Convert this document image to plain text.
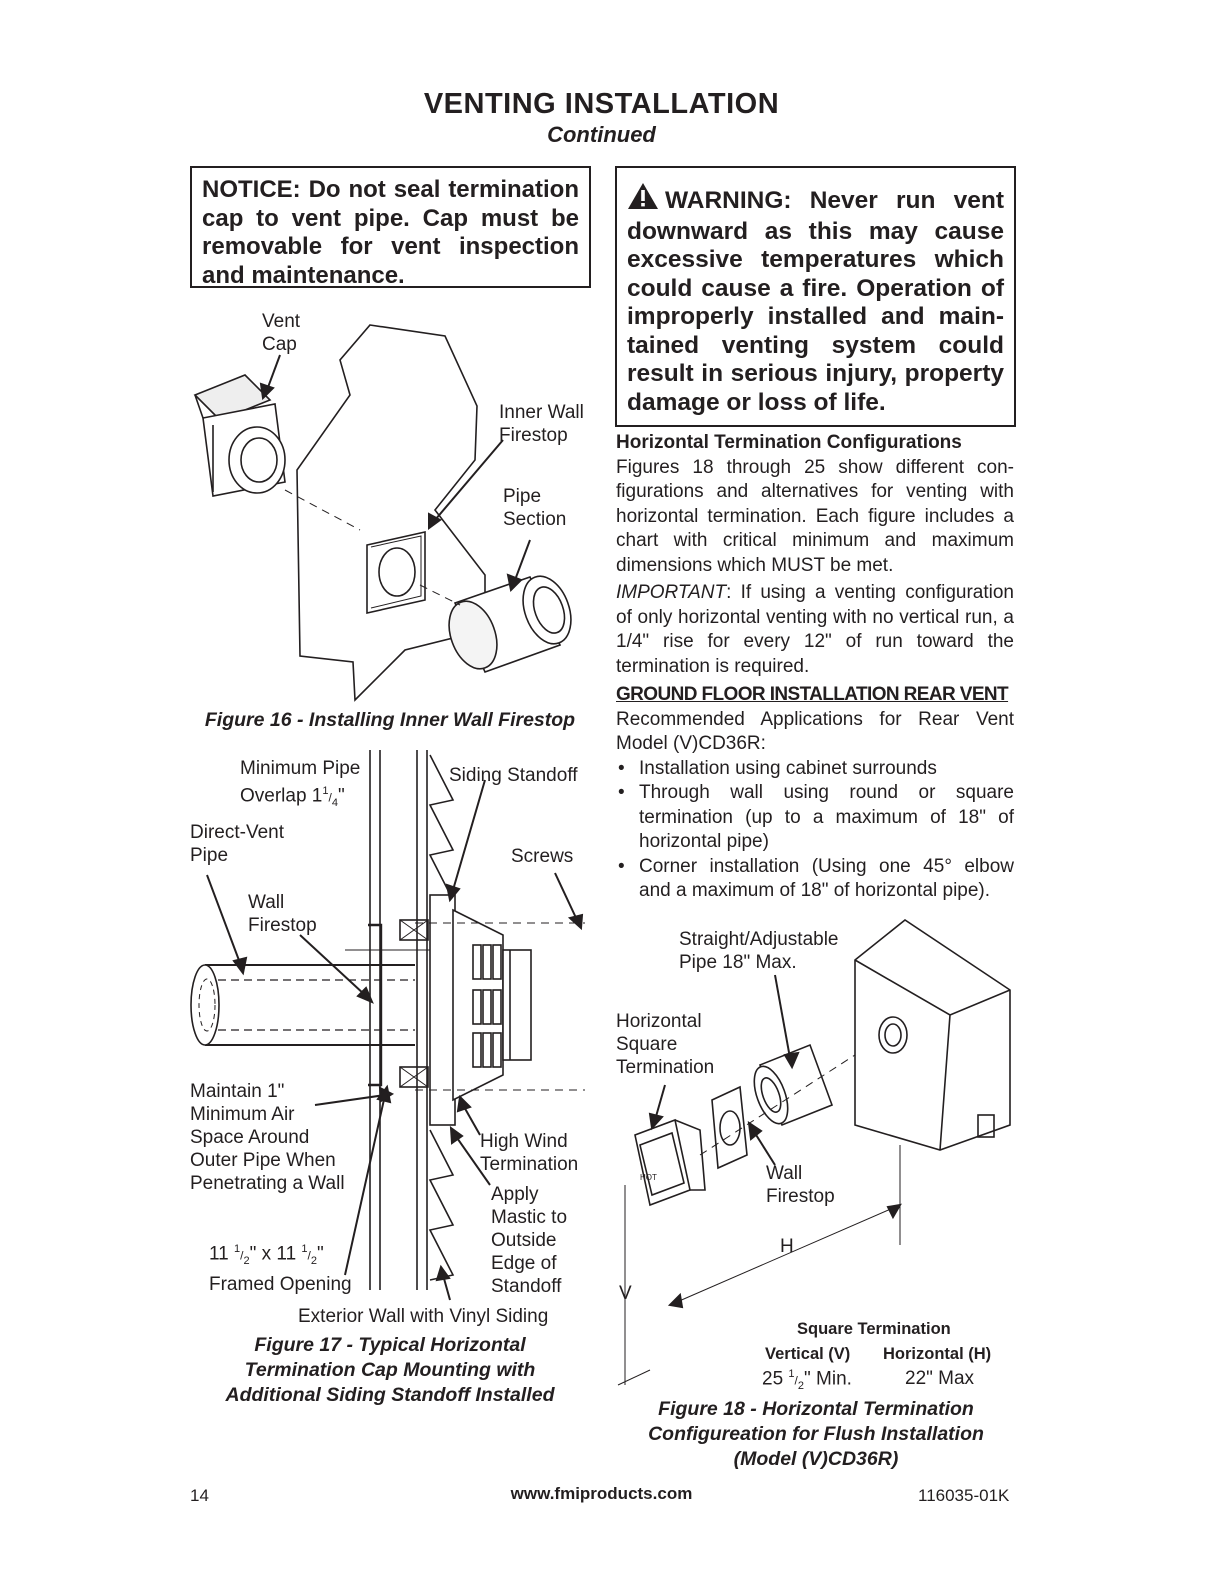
VENTING INSTALLATION
Continued
NOTICE: Do not seal termination cap to vent pipe. Cap must be removable for vent inspection and maintenance.
WARNING: Never run vent downward as this may cause excessive temperatures which could cause a fire. Operation of improperly installed and main-tained venting system could result in serious injury, property damage or loss of life.

Horizontal Termination Configurations

Figures 18 through 25 show different con-figurations and alternatives for venting with horizontal termination. Each figure includes a chart with critical minimum and maximum dimensions which MUST be met.

IMPORTANT: If using a venting configuration of only horizontal venting with no vertical run, a 1/4" rise for every 12" of run toward the termination is required.

GROUND FLOOR INSTALLATION REAR VENT

Recommended Applications for Rear Vent Model (V)CD36R:

• Installation using cabinet surrounds
• Through wall using round or square termination (up to a maximum of 18" of horizontal pipe)
• Corner installation (Using one 45° elbow and a maximum of 18" of horizontal pipe).
Vent
Cap
Inner Wall
Firestop
Pipe
Section
Figure 16 - Installing Inner Wall Firestop
Minimum Pipe
Overlap $1^1/_4$"
Siding Standoff
Direct-Vent
Pipe	Screws
Wall
Firestop
Maintain 1"
Minimum Air
Space Around
Outer Pipe When
Penetrating a Wall
High Wind
Termination
Apply
Mastic to
Outside
Edge of
Standoff
11 $^1/_2$" x 11 $^1/_2$"
Framed Opening
Exterior Wall with Vinyl Siding
Figure 17 - Typical Horizontal
Termination Cap Mounting with
Additional Siding Standoff Installed
HOT
Straight/Adjustable
Pipe 18" Max.
Horizontal
Square
Termination
Wall
Firestop
H
V
Square Termination
Vertical (V) Horizontal (H)
25 $^1/_2$" Min.	22" Max
Figure 18 - Horizontal Termination
Configureation for Flush Installation
(Model (V)CD36R)
14	www.fmiproducts.com	116035-01K
